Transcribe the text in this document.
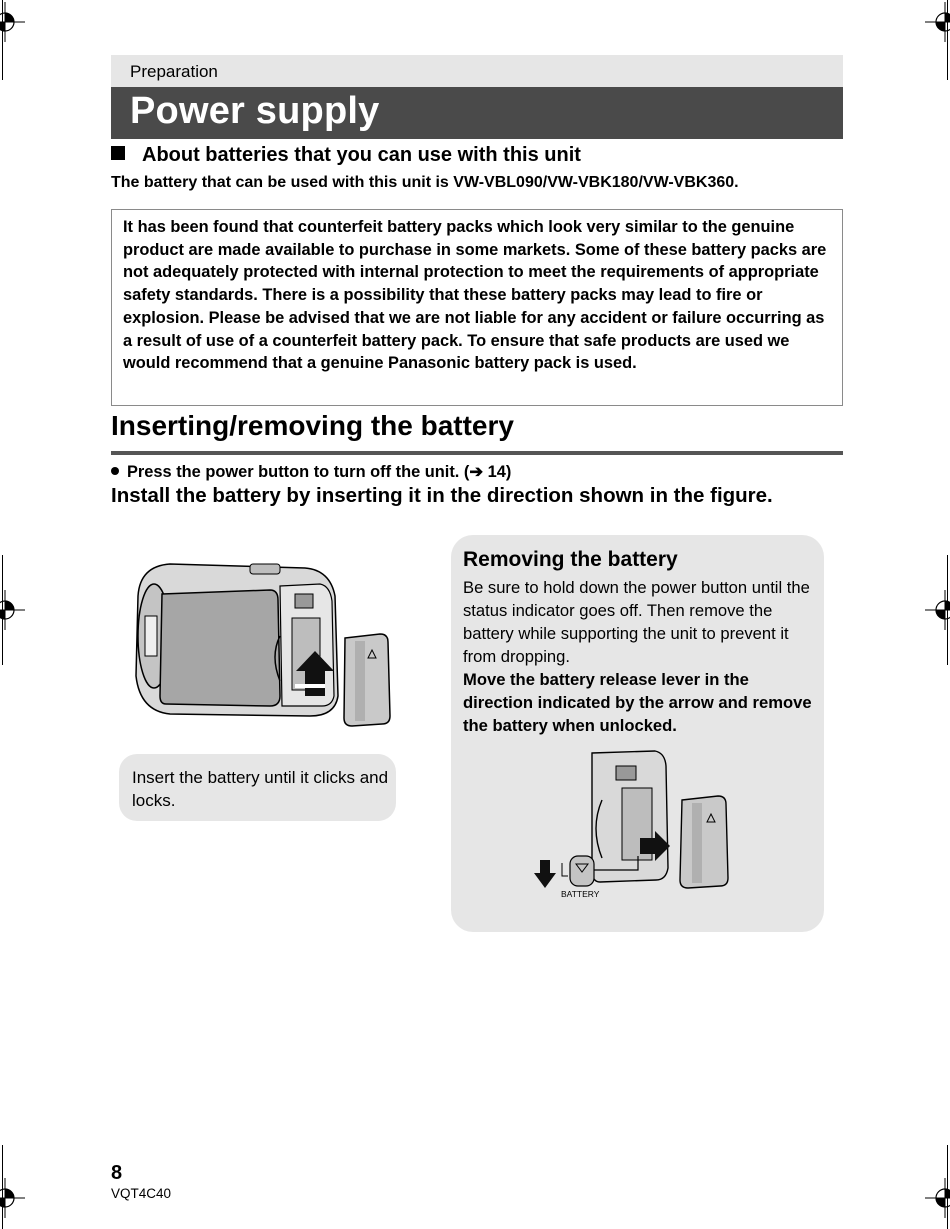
Preparation
Power supply
About batteries that you can use with this unit
The battery that can be used with this unit is VW-VBL090/VW-VBK180/VW-VBK360.

It has been found that counterfeit battery packs which look very similar to the genuine product are made available to purchase in some markets. Some of these battery packs are not adequately protected with internal protection to meet the requirements of appropriate safety standards. There is a possibility that these battery packs may lead to fire or explosion. Please be advised that we are not liable for any accident or failure occurring as a result of use of a counterfeit battery pack. To ensure that safe products are used we would recommend that a genuine Panasonic battery pack is used.

Inserting/removing the battery
Press the power button to turn off the unit. (➔ 14)
Install the battery by inserting it in the direction shown in the figure.

Insert the battery until it clicks and locks.

Removing the battery

Be sure to hold down the power button until the status indicator goes off. Then remove the battery while supporting the unit to prevent it from dropping.

Move the battery release lever in the direction indicated by the arrow and remove the battery when unlocked.

BATTERY
8
VQT4C40
